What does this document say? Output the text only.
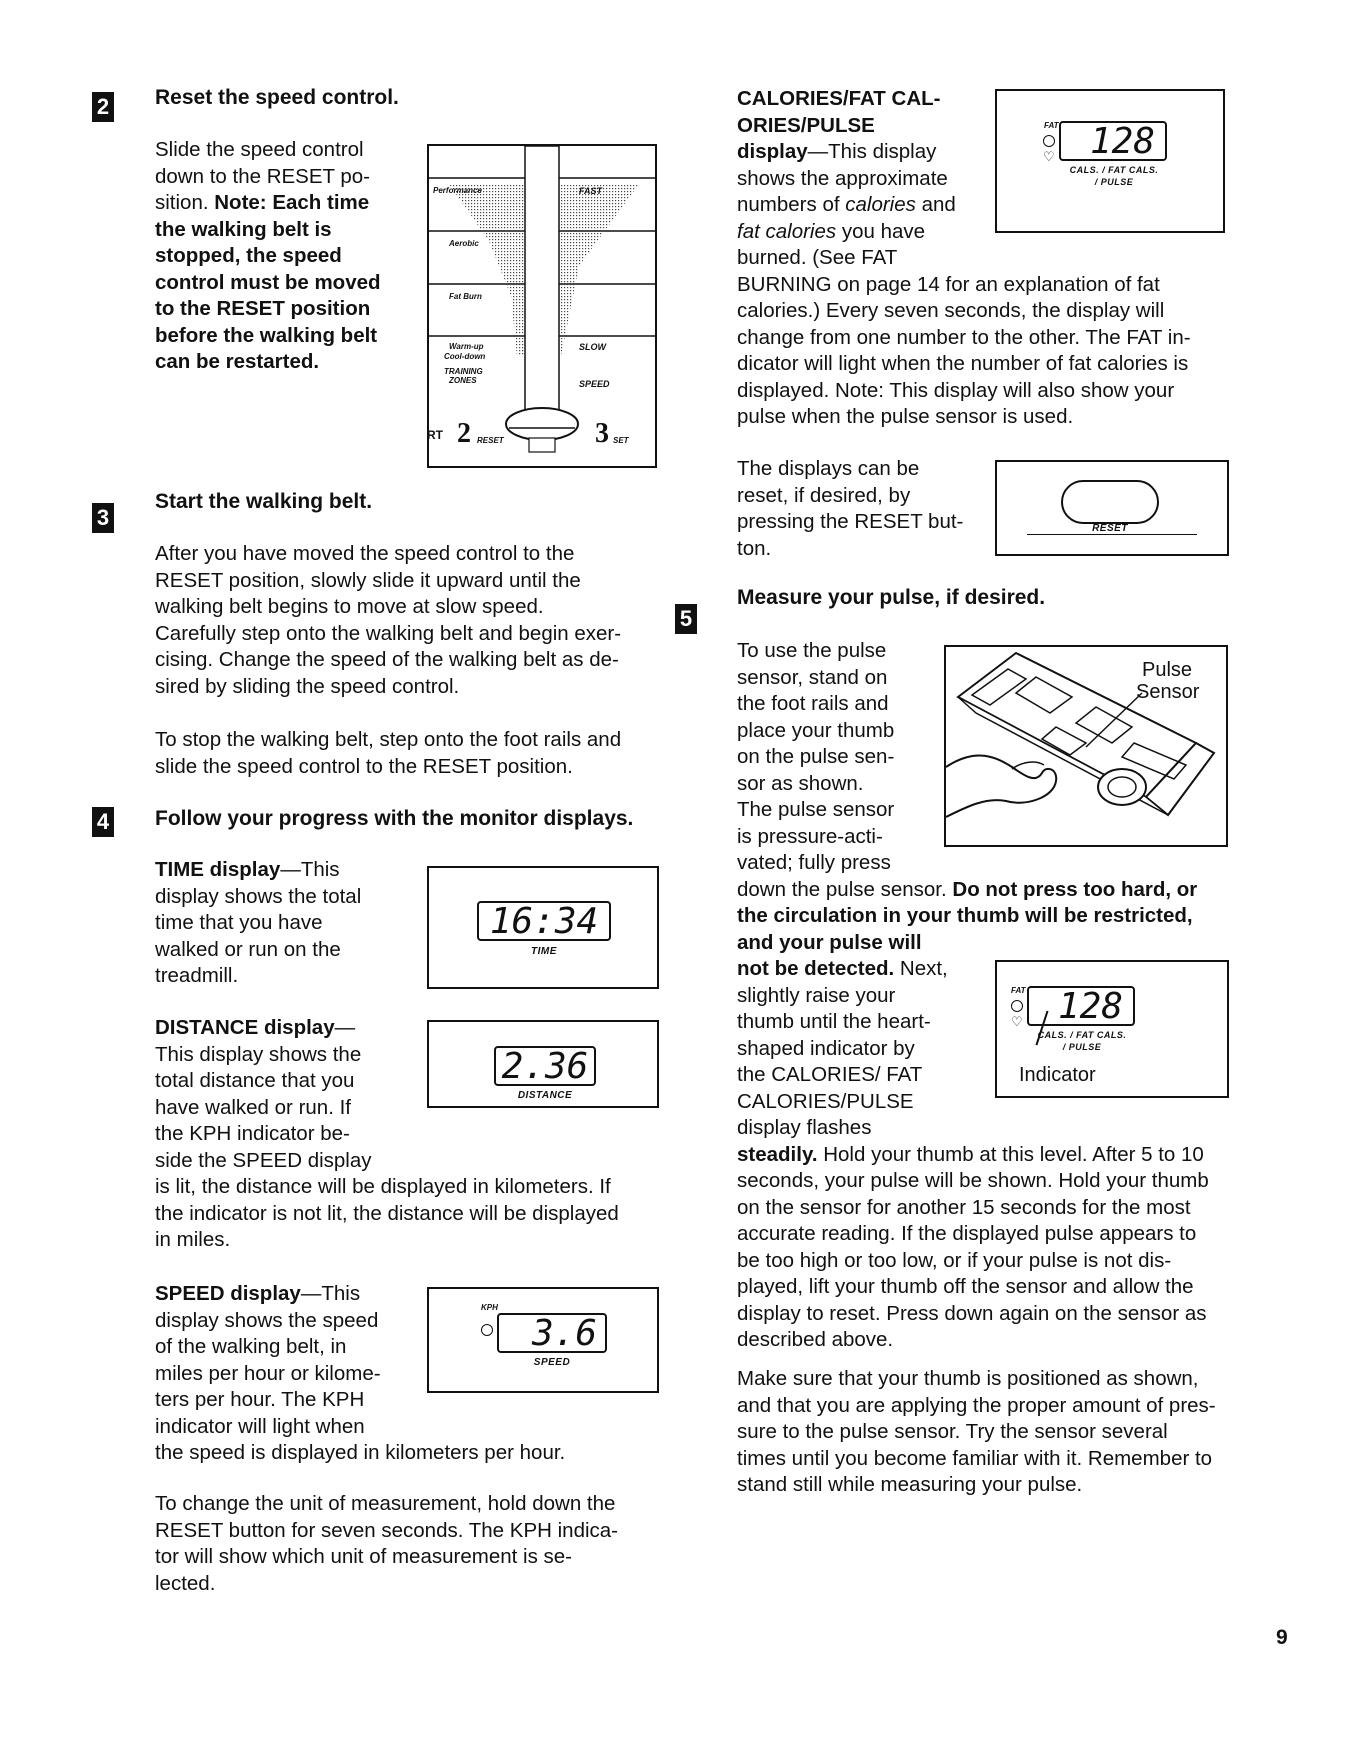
2 Reset the speed control.

Slide the speed control

down to the RESET po-

sition. Note: Each time

the walking belt is

stopped, the speed

control must be moved

to the RESET position

before the walking belt

can be restarted.

Performance	FAST
Aerobic
Fat Burn
Warm-up
Cool-down
TRAINING
ZONES
SLOW
SPEED
RT 2 RESET	3 SET
3
Start the walking belt.

After you have moved the speed control to the

RESET position, slowly slide it upward until the

walking belt begins to move at slow speed.

Carefully step onto the walking belt and begin exer-

cising. Change the speed of the walking belt as de-

sired by sliding the speed control.

To stop the walking belt, step onto the foot rails and

slide the speed control to the RESET position.

4 Follow your progress with the monitor displays.

TIME display—This

display shows the total

time that you have

walked or run on the

treadmill.

16:34
TIME

DISTANCE display—

This display shows the

total distance that you

have walked or run. If

the KPH indicator be-

side the SPEED display

is lit, the distance will be displayed in kilometers. If

the indicator is not lit, the distance will be displayed

in miles.

2.36
DISTANCE

SPEED display—This

display shows the speed

of the walking belt, in

miles per hour or kilome-

ters per hour. The KPH

indicator will light when

the speed is displayed in kilometers per hour.

KPH
3.6
SPEED

To change the unit of measurement, hold down the

RESET button for seven seconds. The KPH indica-

tor will show which unit of measurement is se-

lected.

CALORIES/FAT CAL-

ORIES/PULSE

display—This display

shows the approximate

numbers of calories and

fat calories you have

burned. (See FAT

BURNING on page 14 for an explanation of fat

calories.) Every seven seconds, the display will

change from one number to the other. The FAT in-

dicator will light when the number of fat calories is

displayed. Note: This display will also show your

pulse when the pulse sensor is used.

FAT
♡ 128
CALS. / FAT CALS.
/ PULSE

The displays can be

reset, if desired, by

pressing the RESET but-

ton.

RESET
5
Measure your pulse, if desired.

To use the pulse

sensor, stand on

the foot rails and

place your thumb

on the pulse sen-

sor as shown.

The pulse sensor

is pressure-acti-

vated; fully press

down the pulse sensor. Do not press too hard, or

the circulation in your thumb will be restricted,

and your pulse will

not be detected. Next,

slightly raise your

thumb until the heart-

shaped indicator by

the CALORIES/ FAT

CALORIES/PULSE

display flashes

steadily. Hold your thumb at this level. After 5 to 10

seconds, your pulse will be shown. Hold your thumb

on the sensor for another 15 seconds for the most

accurate reading. If the displayed pulse appears to

be too high or too low, or if your pulse is not dis-

played, lift your thumb off the sensor and allow the

display to reset. Press down again on the sensor as

described above.

Make sure that your thumb is positioned as shown,

and that you are applying the proper amount of pres-

sure to the pulse sensor. Try the sensor several

times until you become familiar with it. Remember to

stand still while measuring your pulse.

Pulse
Sensor
FAT
♡ 128
CALS. / FAT CALS.
/ PULSE
Indicator
9
